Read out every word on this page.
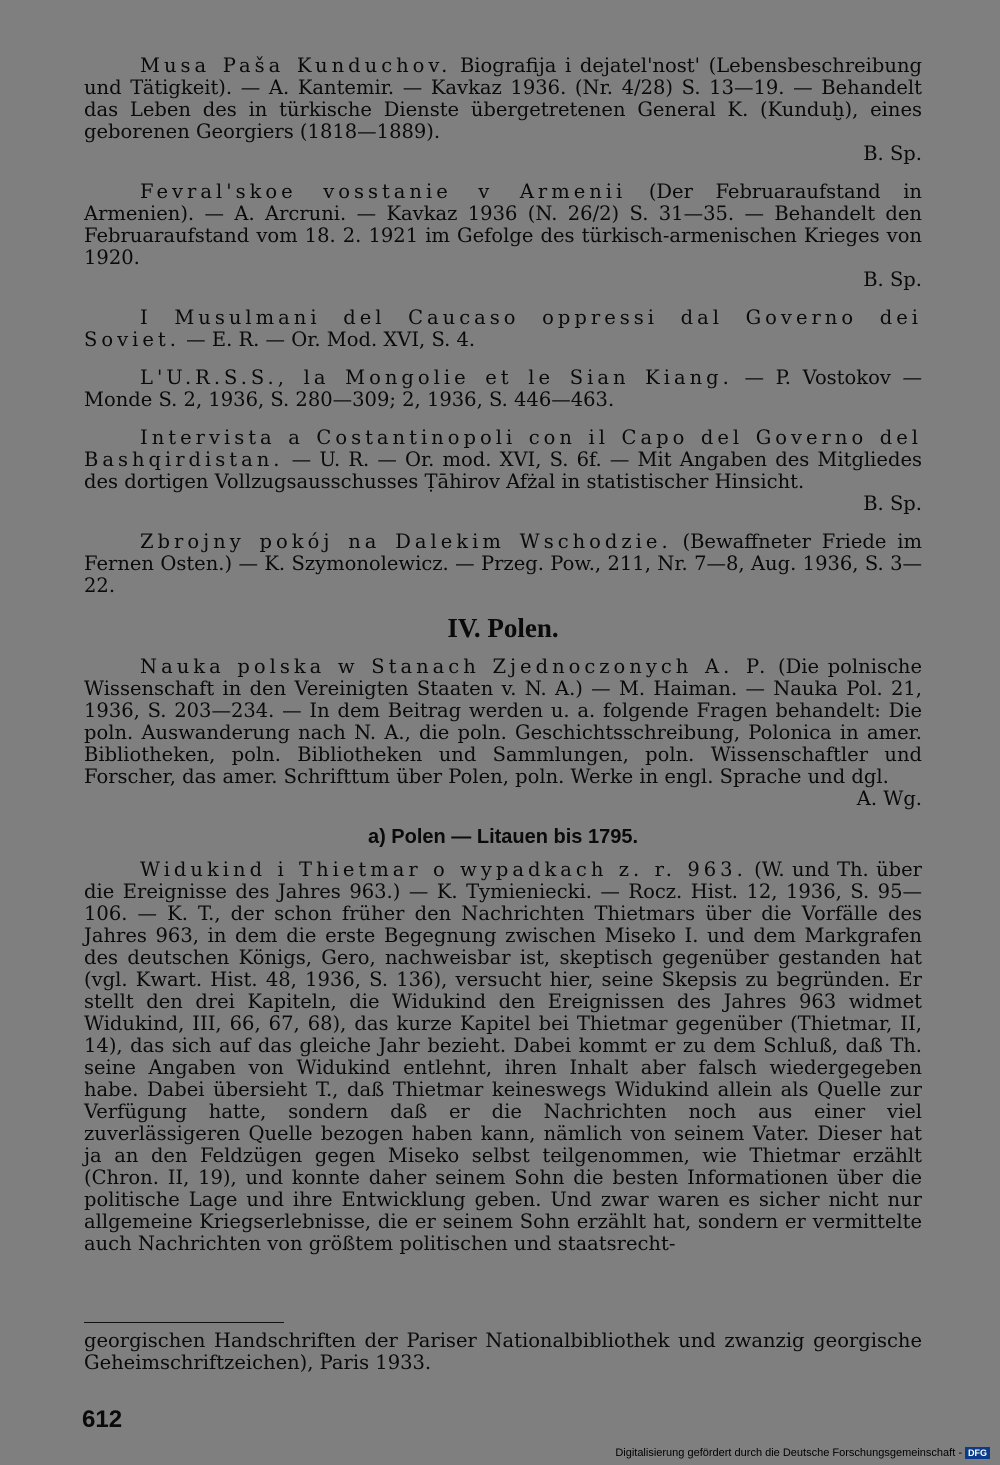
Musa Paša Kunduchov. Biografija i dejatel'nost' (Lebensbeschreibung und Tätigkeit). — A. Kantemir. — Kavkaz 1936. (Nr. 4/28) S. 13—19. — Behandelt das Leben des in türkische Dienste übergetretenen General K. (Kunduḫ), eines geborenen Georgiers (1818—1889).
B. Sp.

Fevral'skoe vosstanie v Armenii (Der Februaraufstand in Armenien). — A. Arcruni. — Kavkaz 1936 (N. 26/2) S. 31—35. — Behandelt den Februaraufstand vom 18. 2. 1921 im Gefolge des türkisch-armenischen Krieges von 1920.
B. Sp.

I Musulmani del Caucaso oppressi dal Governo dei Soviet. — E. R. — Or. Mod. XVI, S. 4.

L'U.R.S.S., la Mongolie et le Sian Kiang. — P. Vostokov — Monde S. 2, 1936, S. 280—309; 2, 1936, S. 446—463.

Intervista a Costantinopoli con il Capo del Governo del Bashqirdistan. — U. R. — Or. mod. XVI, S. 6f. — Mit Angaben des Mitgliedes des dortigen Vollzugsausschusses Ṭāhirov Afżal in statistischer Hinsicht.
B. Sp.

Zbrojny pokój na Dalekim Wschodzie. (Bewaffneter Friede im Fernen Osten.) — K. Szymonolewicz. — Przeg. Pow., 211, Nr. 7—8, Aug. 1936, S. 3—22.

IV. Polen.

Nauka polska w Stanach Zjednoczonych A. P. (Die polnische Wissenschaft in den Vereinigten Staaten v. N. A.) — M. Haiman. — Nauka Pol. 21, 1936, S. 203—234. — In dem Beitrag werden u. a. folgende Fragen behandelt: Die poln. Auswanderung nach N. A., die poln. Geschichtsschreibung, Polonica in amer. Bibliotheken, poln. Bibliotheken und Sammlungen, poln. Wissenschaftler und Forscher, das amer. Schrifttum über Polen, poln. Werke in engl. Sprache und dgl.
A. Wg.

a) Polen — Litauen bis 1795.

Widukind i Thietmar o wypadkach z. r. 963. (W. und Th. über die Ereignisse des Jahres 963.) — K. Tymieniecki. — Rocz. Hist. 12, 1936, S. 95—106. — K. T., der schon früher den Nachrichten Thietmars über die Vorfälle des Jahres 963, in dem die erste Begegnung zwischen Miseko I. und dem Markgrafen des deutschen Königs, Gero, nachweisbar ist, skeptisch gegenüber gestanden hat (vgl. Kwart. Hist. 48, 1936, S. 136), versucht hier, seine Skepsis zu begründen. Er stellt den drei Kapiteln, die Widukind den Ereignissen des Jahres 963 widmet Widukind, III, 66, 67, 68), das kurze Kapitel bei Thietmar gegenüber (Thietmar, II, 14), das sich auf das gleiche Jahr bezieht. Dabei kommt er zu dem Schluß, daß Th. seine Angaben von Widukind entlehnt, ihren Inhalt aber falsch wiedergegeben habe. Dabei übersieht T., daß Thietmar keineswegs Widukind allein als Quelle zur Verfügung hatte, sondern daß er die Nachrichten noch aus einer viel zuverlässigeren Quelle bezogen haben kann, nämlich von seinem Vater. Dieser hat ja an den Feldzügen gegen Miseko selbst teilgenommen, wie Thietmar erzählt (Chron. II, 19), und konnte daher seinem Sohn die besten Informationen über die politische Lage und ihre Entwicklung geben. Und zwar waren es sicher nicht nur allgemeine Kriegserlebnisse, die er seinem Sohn erzählt hat, sondern er vermittelte auch Nachrichten von größtem politischen und staatsrecht-

georgischen Handschriften der Pariser Nationalbibliothek und zwanzig georgische Geheimschriftzeichen), Paris 1933.
612
Digitalisierung gefördert durch die Deutsche Forschungsgemeinschaft - DFG
